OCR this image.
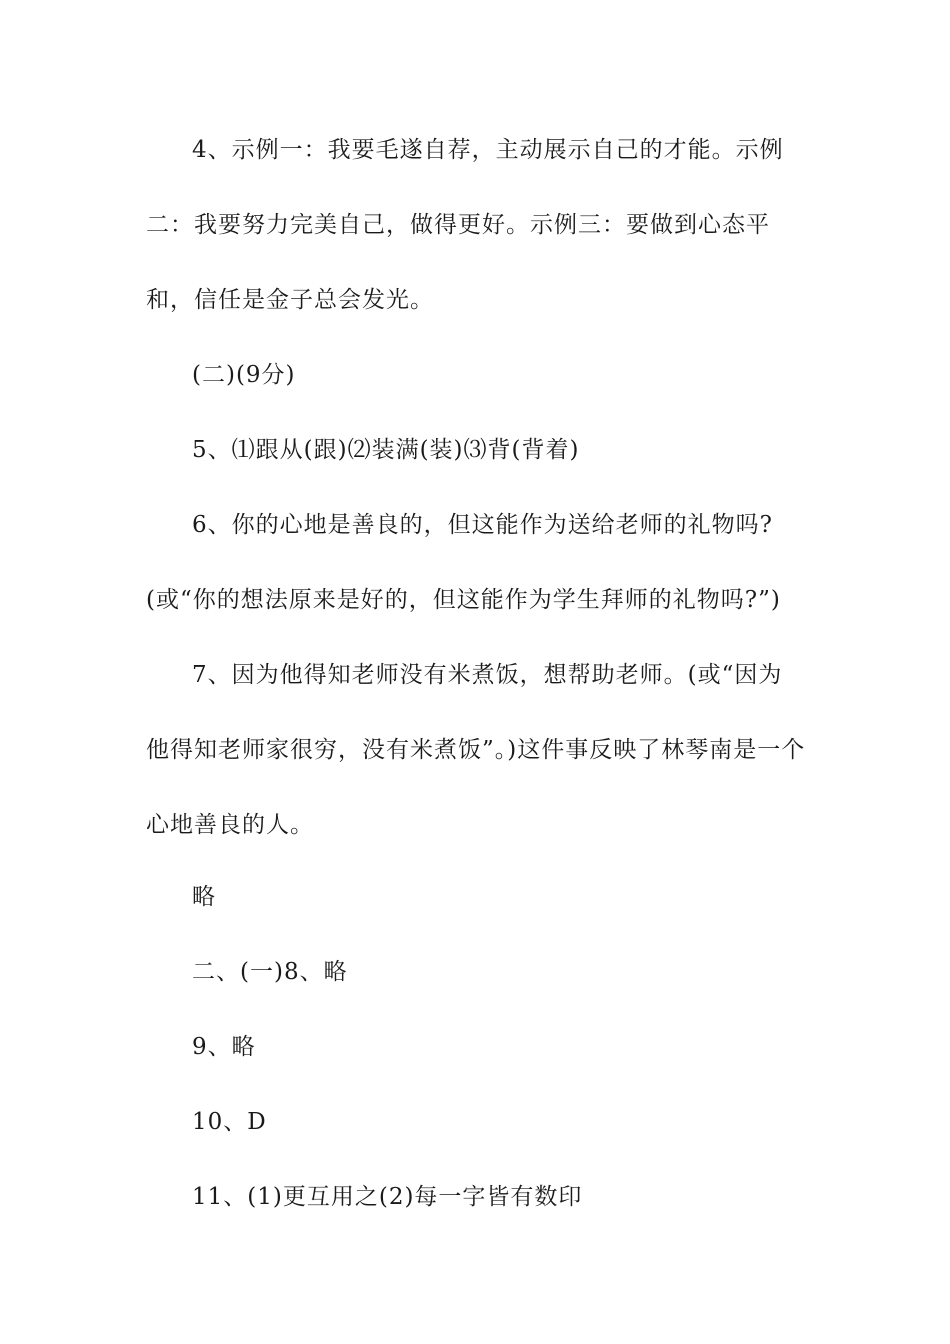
4、示例一：我要毛遂自荐，主动展示自己的才能。示例二：我要努力完美自己，做得更好。示例三：要做到心态平和，信任是金子总会发光。

(二)(9分)

5、⑴跟从(跟)⑵装满(装)⑶背(背着)

6、你的心地是善良的，但这能作为送给老师的礼物吗?(或“你的想法原来是好的，但这能作为学生拜师的礼物吗?”)

7、因为他得知老师没有米煮饭，想帮助老师。(或“因为他得知老师家很穷，没有米煮饭”。)这件事反映了林琴南是一个心地善良的人。

略

二、(一)8、略

9、略

10、D

11、(1)更互用之(2)每一字皆有数印
